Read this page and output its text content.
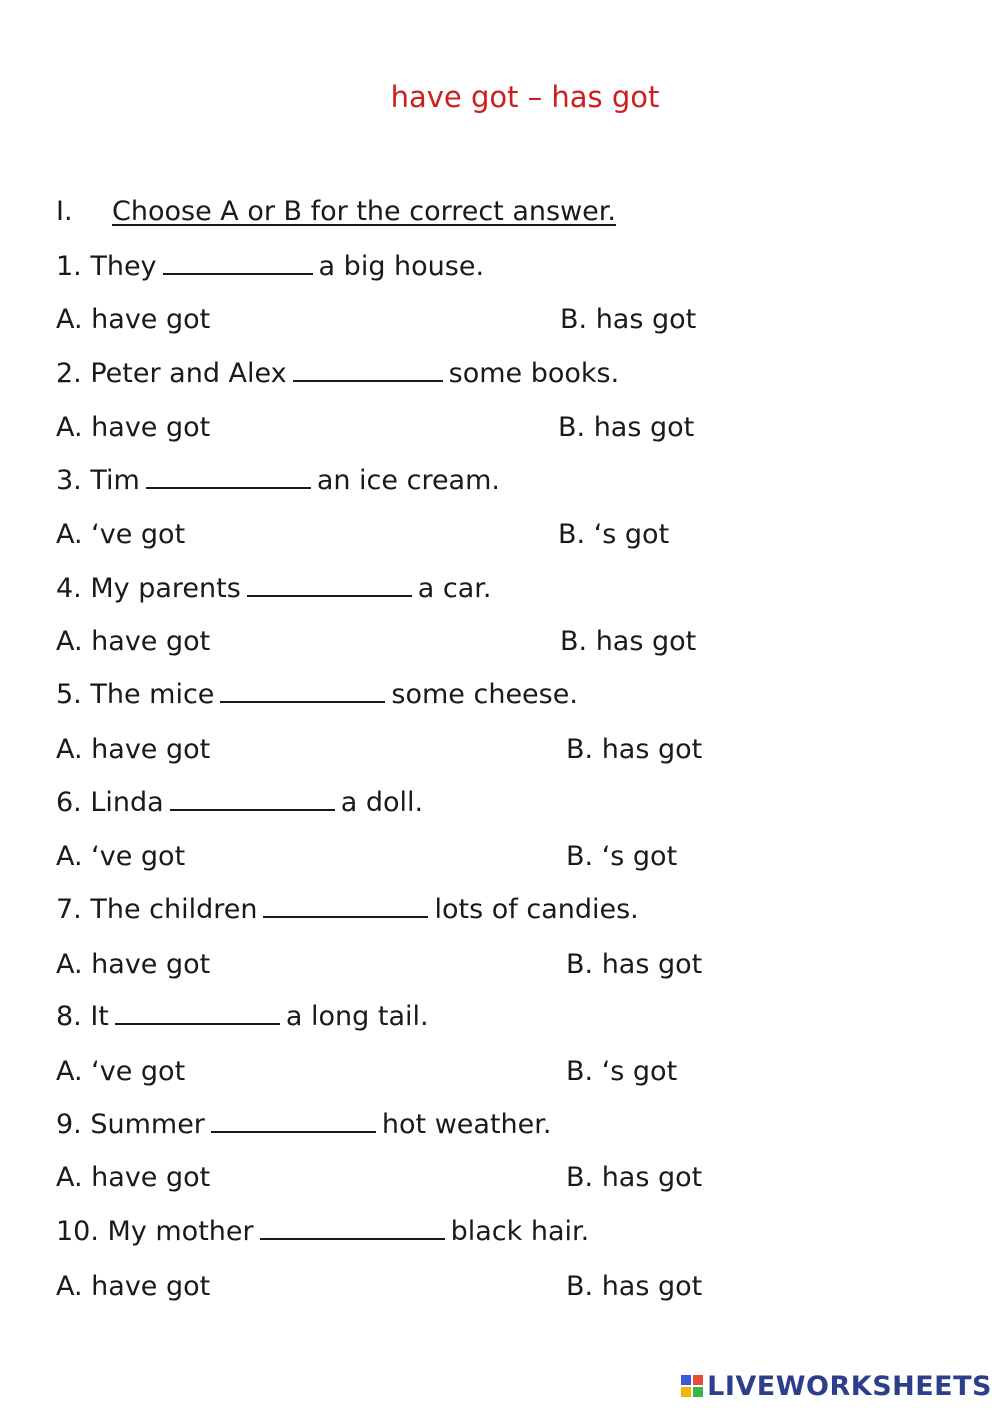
have got – has got
I. Choose A or B for the correct answer.
1. They	a big house.
A. have got	B. has got
2. Peter and Alex	some books.
A. have got	B. has got
3. Tim	an ice cream.
A. ‘ve got	B. ‘s got
4. My parents	a car.
A. have got	B. has got
5. The mice	some cheese.
A. have got	B. has got
6. Linda	a doll.
A. ‘ve got	B. ‘s got
7. The children	lots of candies.
A. have got	B. has got
8. It	a long tail.
A. ‘ve got	B. ‘s got
9. Summer	hot weather.
A. have got	B. has got
10. My mother	black hair.
A. have got	B. has got
LIVEWORKSHEETS
